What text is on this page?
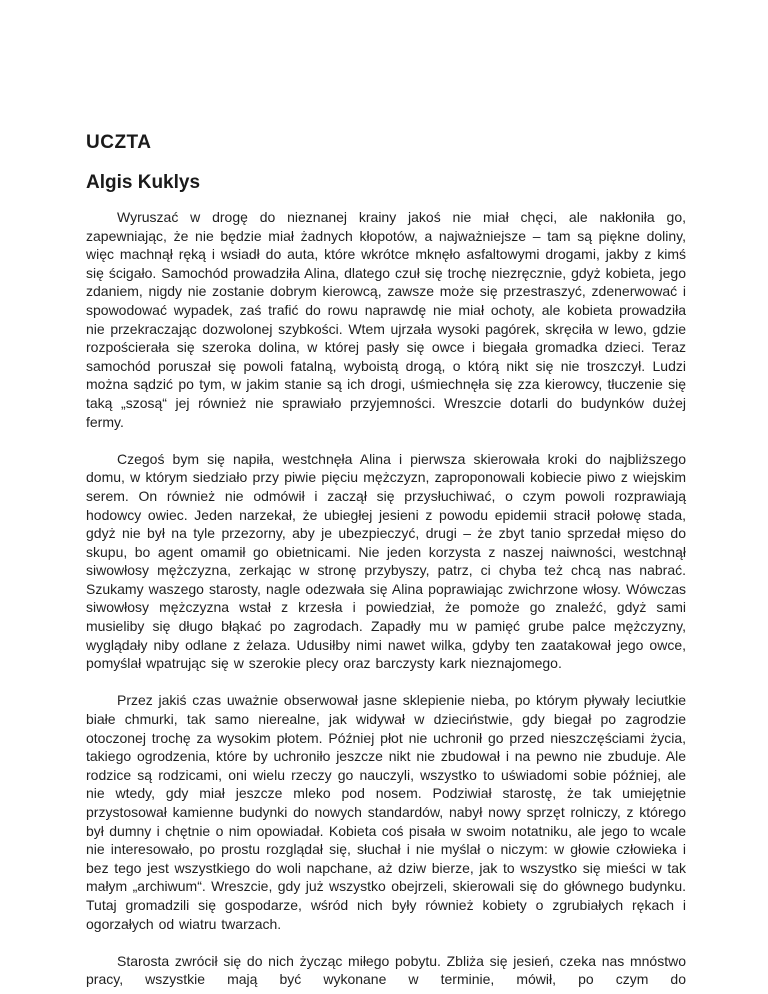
UCZTA
Algis Kuklys

Wyruszać w drogę do nieznanej krainy jakoś nie miał chęci, ale nakłoniła go, zapewniając, że nie będzie miał żadnych kłopotów, a najważniejsze – tam są piękne doliny, więc machnął ręką i wsiadł do auta, które wkrótce mknęło asfaltowymi drogami, jakby z kimś się ścigało. Samochód prowadziła Alina, dlatego czuł się trochę niezręcznie, gdyż kobieta, jego zdaniem, nigdy nie zostanie dobrym kierowcą, zawsze może się przestraszyć, zdenerwować i spowodować wypadek, zaś trafić do rowu naprawdę nie miał ochoty, ale kobieta prowadziła nie przekraczając dozwolonej szybkości. Wtem ujrzała wysoki pagórek, skręciła w lewo, gdzie rozpościerała się szeroka dolina, w której pasły się owce i biegała gromadka dzieci. Teraz samochód poruszał się powoli fatalną, wyboistą drogą, o którą nikt się nie troszczył. Ludzi można sądzić po tym, w jakim stanie są ich drogi, uśmiechnęła się zza kierowcy, tłuczenie się taką „szosą“ jej również nie sprawiało przyjemności. Wreszcie dotarli do budynków dużej fermy.

Czegoś bym się napiła, westchnęła Alina i pierwsza skierowała kroki do najbliższego domu, w którym siedziało przy piwie pięciu mężczyzn, zaproponowali kobiecie piwo z wiejskim serem. On również nie odmówił i zaczął się przysłuchiwać, o czym powoli rozprawiają hodowcy owiec. Jeden narzekał, że ubiegłej jesieni z powodu epidemii stracił połowę stada, gdyż nie był na tyle przezorny, aby je ubezpieczyć, drugi – że zbyt tanio sprzedał mięso do skupu, bo agent omamił go obietnicami. Nie jeden korzysta z naszej naiwności, westchnął siwowłosy mężczyzna, zerkając w stronę przybyszy, patrz, ci chyba też chcą nas nabrać. Szukamy waszego starosty, nagle odezwała się Alina poprawiając zwichrzone włosy. Wówczas siwowłosy mężczyzna wstał z krzesła i powiedział, że pomoże go znaleźć, gdyż sami musieliby się długo błąkać po zagrodach. Zapadły mu w pamięć grube palce mężczyzny, wyglądały niby odlane z żelaza. Udusiłby nimi nawet wilka, gdyby ten zaatakował jego owce, pomyślał wpatrując się w szerokie plecy oraz barczysty kark nieznajomego.

Przez jakiś czas uważnie obserwował jasne sklepienie nieba, po którym pływały leciutkie białe chmurki, tak samo nierealne, jak widywał w dzieciństwie, gdy biegał po zagrodzie otoczonej trochę za wysokim płotem. Później płot nie uchronił go przed nieszczęściami życia, takiego ogrodzenia, które by uchroniło jeszcze nikt nie zbudował i na pewno nie zbuduje. Ale rodzice są rodzicami, oni wielu rzeczy go nauczyli, wszystko to uświadomi sobie później, ale nie wtedy, gdy miał jeszcze mleko pod nosem. Podziwiał starostę, że tak umiejętnie przystosował kamienne budynki do nowych standardów, nabył nowy sprzęt rolniczy, z którego był dumny i chętnie o nim opowiadał. Kobieta coś pisała w swoim notatniku, ale jego to wcale nie interesowało, po prostu rozglądał się, słuchał i nie myślał o niczym: w głowie człowieka i bez tego jest wszystkiego do woli napchane, aż dziw bierze, jak to wszystko się mieści w tak małym „archiwum“. Wreszcie, gdy już wszystko obejrzeli, skierowali się do głównego budynku. Tutaj gromadzili się gospodarze, wśród nich były również kobiety o zgrubiałych rękach i ogorzałych od wiatru twarzach.

Starosta zwrócił się do nich życząc miłego pobytu. Zbliża się jesień, czeka nas mnóstwo pracy, wszystkie mają być wykonane w terminie, mówił, po czym do
